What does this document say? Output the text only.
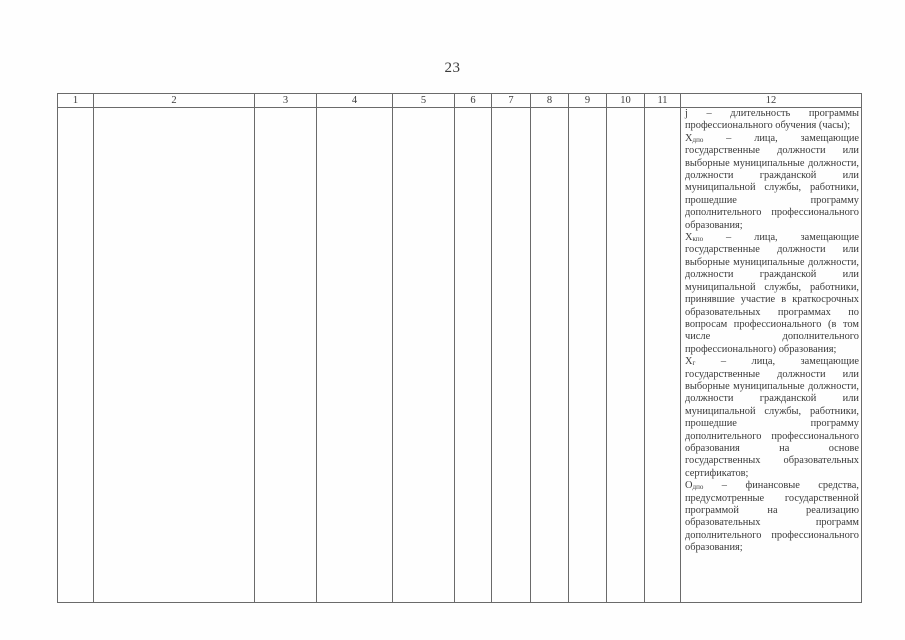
23
1	2	3	4	5	6	7	8	9	10	11	12

											j – длительность программы профессионального обучения (часы);
$Х_{дпо}$ – лица, замещающие государственные должности или выборные муниципальные должности, должности гражданской или муниципальной службы, работники, прошедшие программу дополнительного профессионального образования;
$Х_{кпо}$ – лица, замещающие государственные должности или выборные муниципальные должности, должности гражданской или муниципальной службы, работники, принявшие участие в краткосрочных образовательных программах по вопросам профессионального (в том числе дополнительного профессионального) образования;
$Х_г$ – лица, замещающие государственные должности или выборные муниципальные должности, должности гражданской или муниципальной службы, работники, прошедшие программу дополнительного профессионального образования на основе государственных образовательных сертификатов;
$О_{дпо}$ – финансовые средства, предусмотренные государственной программой на реализацию образовательных программ дополнительного профессионального образования;
